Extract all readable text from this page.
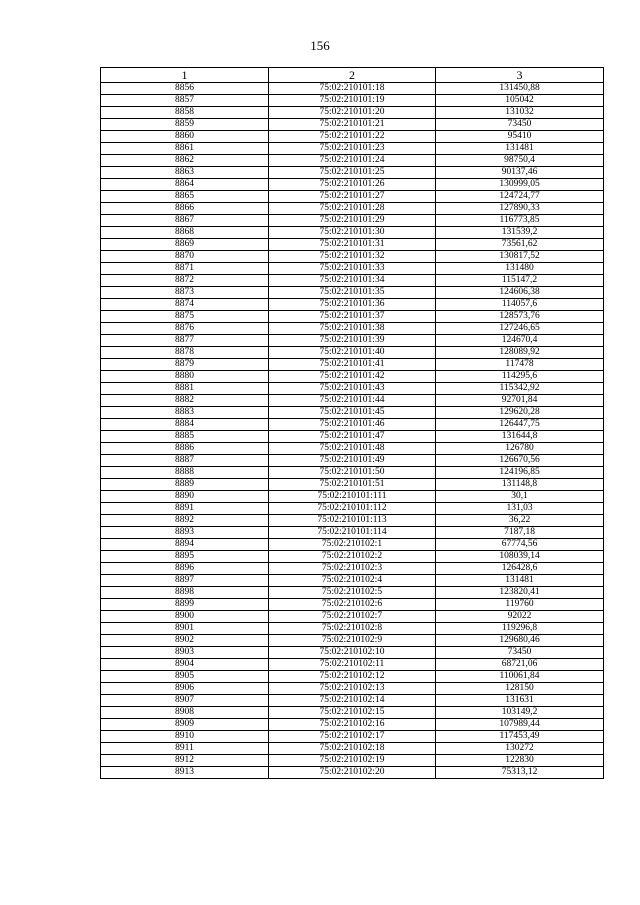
156
1	2	3
8856	75:02:210101:18	131450,88
8857	75:02:210101:19	105042
8858	75:02:210101:20	131032
8859	75:02:210101:21	73450
8860	75:02:210101:22	95410
8861	75:02:210101:23	131481
8862	75:02:210101:24	98750,4
8863	75:02:210101:25	90137,46
8864	75:02:210101:26	130999,05
8865	75:02:210101:27	124724,77
8866	75:02:210101:28	127890,33
8867	75:02:210101:29	116773,85
8868	75:02:210101:30	131539,2
8869	75:02:210101:31	73561,62
8870	75:02:210101:32	130817,52
8871	75:02:210101:33	131480
8872	75:02:210101:34	115147,2
8873	75:02:210101:35	124606,38
8874	75:02:210101:36	114057,6
8875	75:02:210101:37	128573,76
8876	75:02:210101:38	127246,65
8877	75:02:210101:39	124670,4
8878	75:02:210101:40	128089,92
8879	75:02:210101:41	117478
8880	75:02:210101:42	114295,6
8881	75:02:210101:43	115342,92
8882	75:02:210101:44	92701,84
8883	75:02:210101:45	129620,28
8884	75:02:210101:46	126447,75
8885	75:02:210101:47	131644,8
8886	75:02:210101:48	126780
8887	75:02:210101:49	126670,56
8888	75:02:210101:50	124196,85
8889	75:02:210101:51	131148,8
8890	75:02:210101:111	30,1
8891	75:02:210101:112	131,03
8892	75:02:210101:113	36,22
8893	75:02:210101:114	7187,18
8894	75:02:210102:1	67774,56
8895	75:02:210102:2	108039,14
8896	75:02:210102:3	126428,6
8897	75:02:210102:4	131481
8898	75:02:210102:5	123820,41
8899	75:02:210102:6	119760
8900	75:02:210102:7	92022
8901	75:02:210102:8	119296,8
8902	75:02:210102:9	129680,46
8903	75:02:210102:10	73450
8904	75:02:210102:11	68721,06
8905	75:02:210102:12	110061,84
8906	75:02:210102:13	128150
8907	75:02:210102:14	131631
8908	75:02:210102:15	103149,2
8909	75:02:210102:16	107989,44
8910	75:02:210102:17	117453,49
8911	75:02:210102:18	130272
8912	75:02:210102:19	122830
8913	75:02:210102:20	75313,12
